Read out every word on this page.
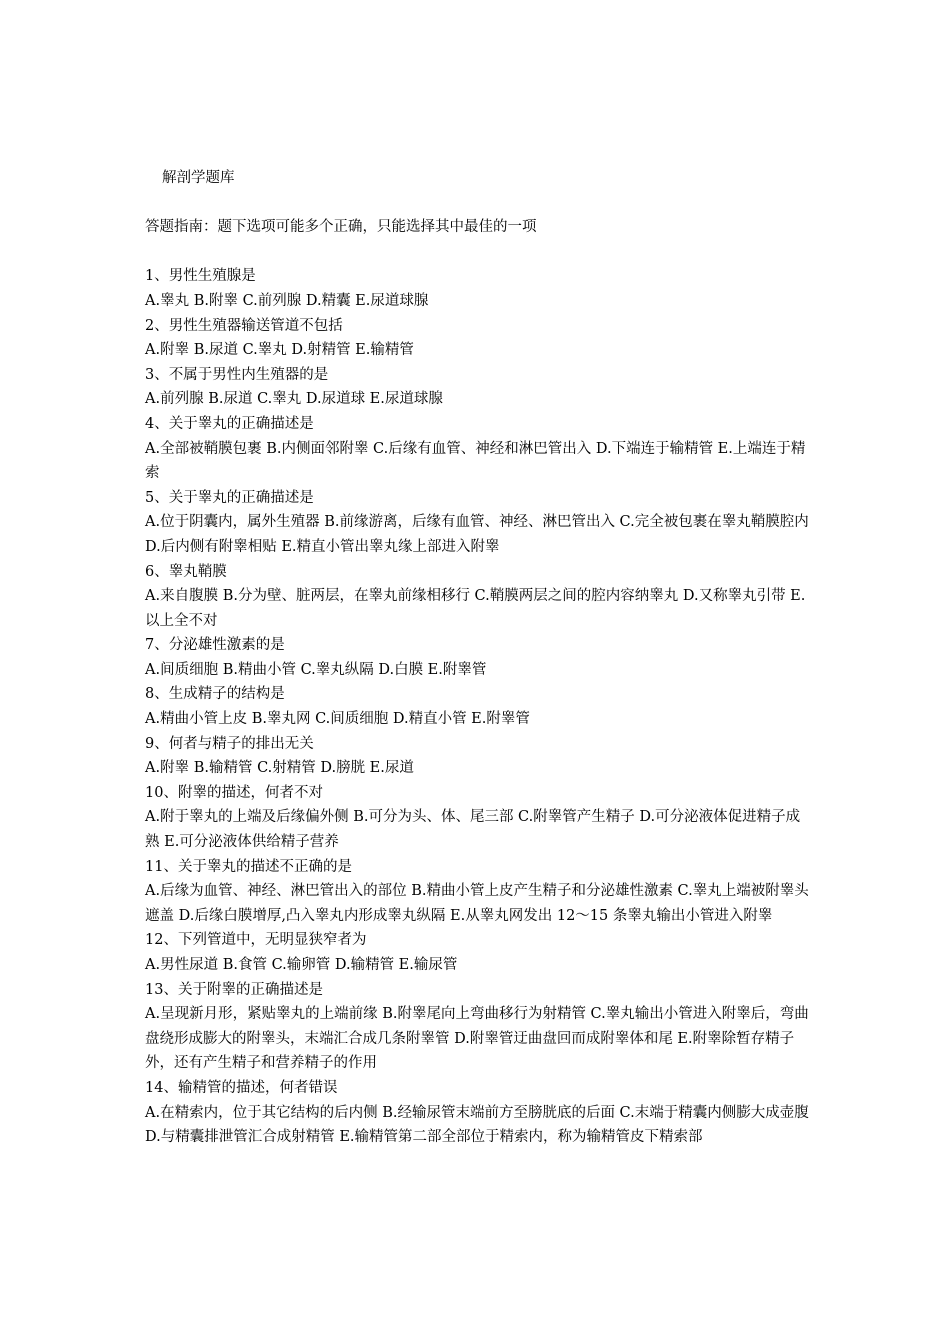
解剖学题库

答题指南：题下选项可能多个正确，只能选择其中最佳的一项

1、男性生殖腺是

A.睾丸 B.附睾 C.前列腺 D.精囊 E.尿道球腺

2、男性生殖器输送管道不包括

A.附睾 B.尿道 C.睾丸 D.射精管 E.输精管

3、不属于男性内生殖器的是

A.前列腺 B.尿道 C.睾丸 D.尿道球 E.尿道球腺

4、关于睾丸的正确描述是

A.全部被鞘膜包裹 B.内侧面邻附睾 C.后缘有血管、神经和淋巴管出入 D.下端连于输精管 E.上端连于精索

5、关于睾丸的正确描述是

A.位于阴囊内，属外生殖器 B.前缘游离，后缘有血管、神经、淋巴管出入 C.完全被包裹在睾丸鞘膜腔内 D.后内侧有附睾相贴 E.精直小管出睾丸缘上部进入附睾

6、睾丸鞘膜

A.来自腹膜 B.分为壁、脏两层，在睾丸前缘相移行 C.鞘膜两层之间的腔内容纳睾丸 D.又称睾丸引带 E.以上全不对

7、分泌雄性激素的是

A.间质细胞 B.精曲小管 C.睾丸纵隔 D.白膜 E.附睾管

8、生成精子的结构是

A.精曲小管上皮 B.睾丸网 C.间质细胞 D.精直小管 E.附睾管

9、何者与精子的排出无关

A.附睾 B.输精管 C.射精管 D.膀胱 E.尿道

10、附睾的描述，何者不对

A.附于睾丸的上端及后缘偏外侧 B.可分为头、体、尾三部 C.附睾管产生精子 D.可分泌液体促进精子成熟 E.可分泌液体供给精子营养

11、关于睾丸的描述不正确的是

A.后缘为血管、神经、淋巴管出入的部位 B.精曲小管上皮产生精子和分泌雄性激素 C.睾丸上端被附睾头遮盖 D.后缘白膜增厚,凸入睾丸内形成睾丸纵隔 E.从睾丸网发出 12～15 条睾丸输出小管进入附睾

12、下列管道中，无明显狭窄者为

A.男性尿道 B.食管 C.输卵管 D.输精管 E.输尿管

13、关于附睾的正确描述是

A.呈现新月形，紧贴睾丸的上端前缘 B.附睾尾向上弯曲移行为射精管 C.睾丸输出小管进入附睾后，弯曲盘绕形成膨大的附睾头，末端汇合成几条附睾管 D.附睾管迂曲盘回而成附睾体和尾 E.附睾除暂存精子外，还有产生精子和营养精子的作用

14、输精管的描述，何者错误

A.在精索内，位于其它结构的后内侧 B.经输尿管末端前方至膀胱底的后面 C.末端于精囊内侧膨大成壶腹 D.与精囊排泄管汇合成射精管 E.输精管第二部全部位于精索内，称为输精管皮下精索部
